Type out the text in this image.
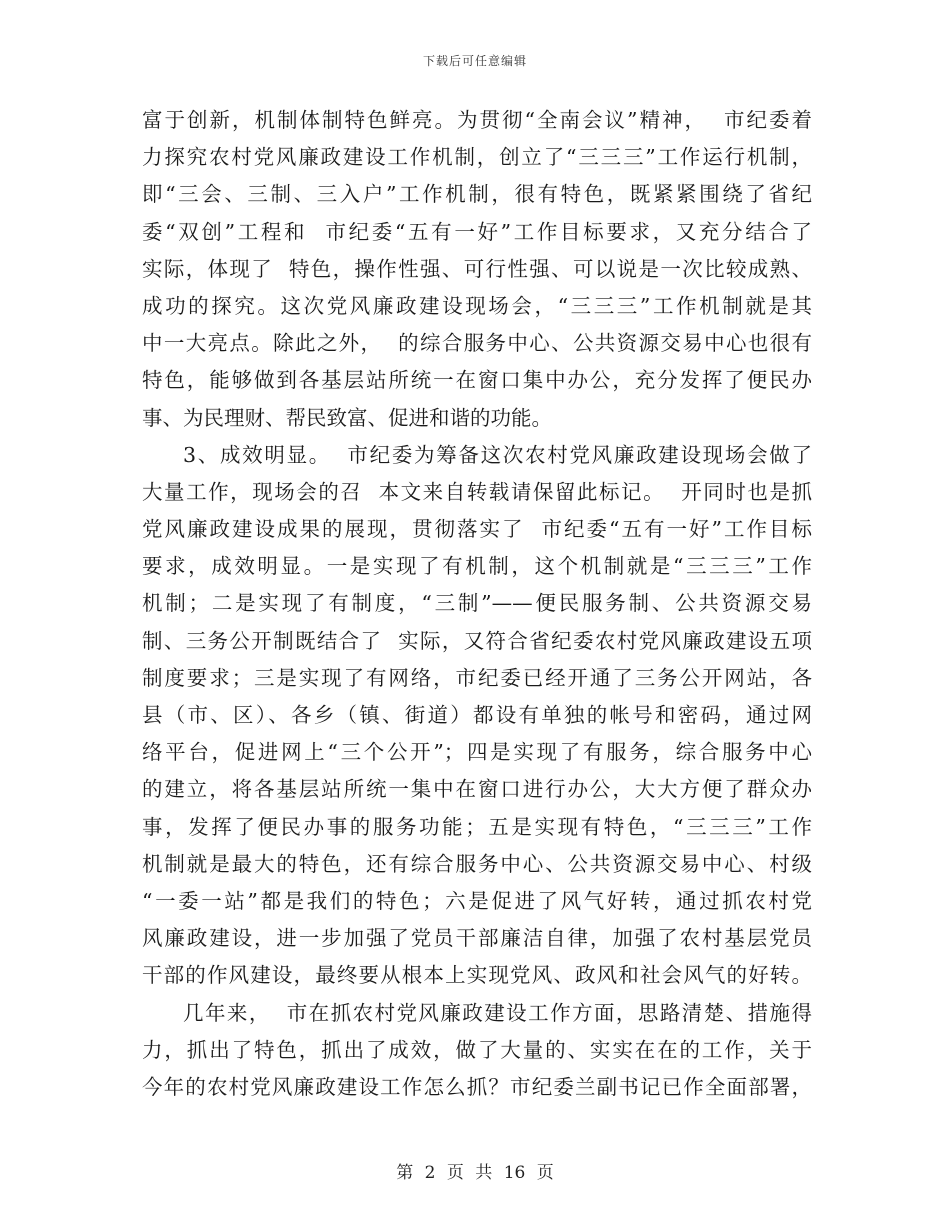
下载后可任意编辑
富于创新，机制体制特色鲜亮。为贯彻“全南会议”精神，  市纪委着
力探究农村党风廉政建设工作机制，创立了“三三三”工作运行机制，
即“三会、三制、三入户”工作机制，很有特色，既紧紧围绕了省纪
委“双创”工程和  市纪委“五有一好”工作目标要求，又充分结合了
实际，体现了  特色，操作性强、可行性强、可以说是一次比较成熟、
成功的探究。这次党风廉政建设现场会，“三三三”工作机制就是其
中一大亮点。除此之外，  的综合服务中心、公共资源交易中心也很有
特色，能够做到各基层站所统一在窗口集中办公，充分发挥了便民办
事、为民理财、帮民致富、促进和谐的功能。
3、成效明显。  市纪委为筹备这次农村党风廉政建设现场会做了
大量工作，现场会的召  本文来自转载请保留此标记。  开同时也是抓
党风廉政建设成果的展现，贯彻落实了  市纪委“五有一好”工作目标
要求，成效明显。一是实现了有机制，这个机制就是“三三三”工作
机制；二是实现了有制度，“三制”——便民服务制、公共资源交易
制、三务公开制既结合了  实际，又符合省纪委农村党风廉政建设五项
制度要求；三是实现了有网络，市纪委已经开通了三务公开网站，各
县（市、区）、各乡（镇、街道）都设有单独的帐号和密码，通过网
络平台，促进网上“三个公开”；四是实现了有服务，综合服务中心
的建立，将各基层站所统一集中在窗口进行办公，大大方便了群众办
事，发挥了便民办事的服务功能；五是实现有特色，“三三三”工作
机制就是最大的特色，还有综合服务中心、公共资源交易中心、村级
“一委一站”都是我们的特色；六是促进了风气好转，通过抓农村党
风廉政建设，进一步加强了党员干部廉洁自律，加强了农村基层党员
干部的作风建设，最终要从根本上实现党风、政风和社会风气的好转。
几年来，  市在抓农村党风廉政建设工作方面，思路清楚、措施得
力，抓出了特色，抓出了成效，做了大量的、实实在在的工作，关于
今年的农村党风廉政建设工作怎么抓？市纪委兰副书记已作全面部署，
第 2 页 共 16 页
